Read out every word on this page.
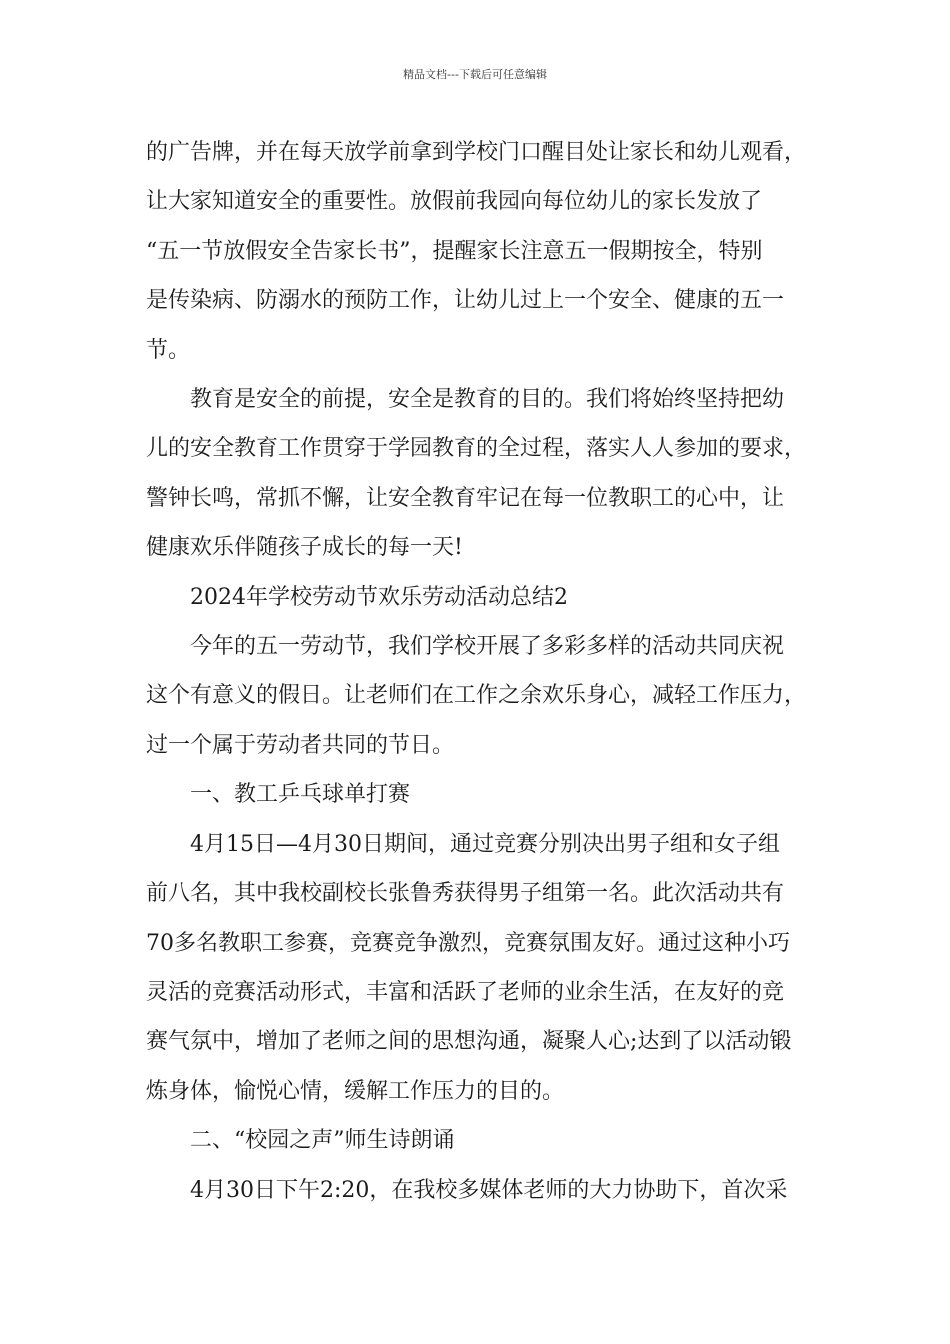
精品文档---下载后可任意编辑

的广告牌，并在每天放学前拿到学校门口醒目处让家长和幼儿观看，

让大家知道安全的重要性。放假前我园向每位幼儿的家长发放了

“五一节放假安全告家长书”，提醒家长注意五一假期按全，特别

是传染病、防溺水的预防工作，让幼儿过上一个安全、健康的五一

节。

教育是安全的前提，安全是教育的目的。我们将始终坚持把幼

儿的安全教育工作贯穿于学园教育的全过程，落实人人参加的要求，

警钟长鸣，常抓不懈，让安全教育牢记在每一位教职工的心中，让

健康欢乐伴随孩子成长的每一天!

2024年学校劳动节欢乐劳动活动总结2

今年的五一劳动节，我们学校开展了多彩多样的活动共同庆祝

这个有意义的假日。让老师们在工作之余欢乐身心，减轻工作压力，

过一个属于劳动者共同的节日。

一、教工乒乓球单打赛

4月15日—4月30日期间，通过竞赛分别决出男子组和女子组

前八名，其中我校副校长张鲁秀获得男子组第一名。此次活动共有

70多名教职工参赛，竞赛竞争激烈，竞赛氛围友好。通过这种小巧

灵活的竞赛活动形式，丰富和活跃了老师的业余生活，在友好的竞

赛气氛中，增加了老师之间的思想沟通，凝聚人心;达到了以活动锻

炼身体，愉悦心情，缓解工作压力的目的。

二、“校园之声”师生诗朗诵

4月30日下午2:20，在我校多媒体老师的大力协助下，首次采
